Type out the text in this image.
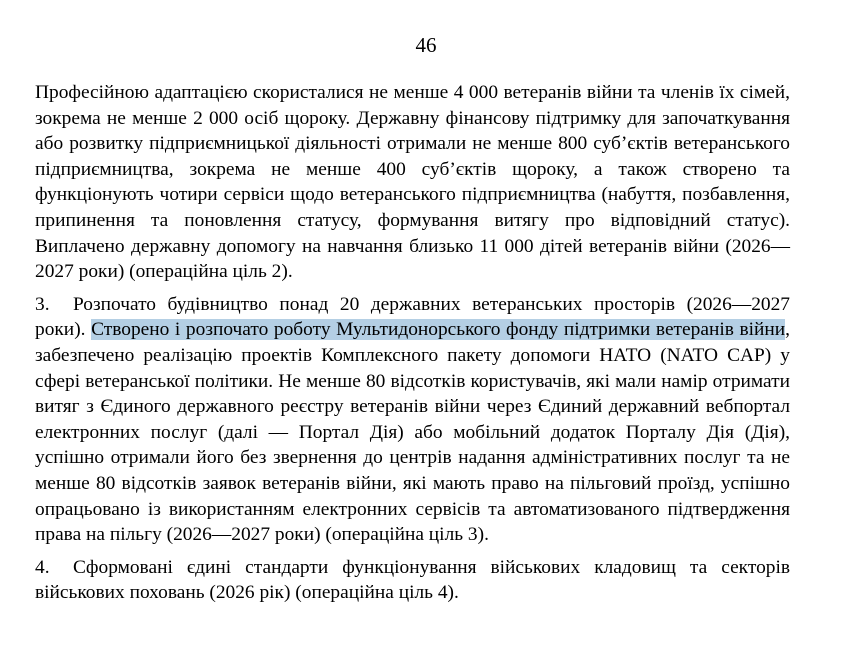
46

Професійною адаптацією скористалися не менше 4 000 ветеранів війни та членів їх сімей, зокрема не менше 2 000 осіб щороку. Державну фінансову підтримку для започаткування або розвитку підприємницької діяльності отримали не менше 800 суб’єктів ветеранського підприємництва, зокрема не менше 400 суб’єктів щороку, а також створено та функціонують чотири сервіси щодо ветеранського підприємництва (набуття, позбавлення, припинення та поновлення статусу, формування витягу про відповідний статус). Виплачено державну допомогу на навчання близько 11 000 дітей ветеранів війни (2026—2027 роки) (операційна ціль 2).

3. Розпочато будівництво понад 20 державних ветеранських просторів (2026—2027 роки). Створено і розпочато роботу Мультидонорського фонду підтримки ветеранів війни, забезпечено реалізацію проектів Комплексного пакету допомоги НАТО (NATO CAP) у сфері ветеранської політики. Не менше 80 відсотків користувачів, які мали намір отримати витяг з Єдиного державного реєстру ветеранів війни через Єдиний державний вебпортал електронних послуг (далі — Портал Дія) або мобільний додаток Порталу Дія (Дія), успішно отримали його без звернення до центрів надання адміністративних послуг та не менше 80 відсотків заявок ветеранів війни, які мають право на пільговий проїзд, успішно опрацьовано із використанням електронних сервісів та автоматизованого підтвердження права на пільгу (2026—2027 роки) (операційна ціль 3).

4. Сформовані єдині стандарти функціонування військових кладовищ та секторів військових поховань (2026 рік) (операційна ціль 4).
